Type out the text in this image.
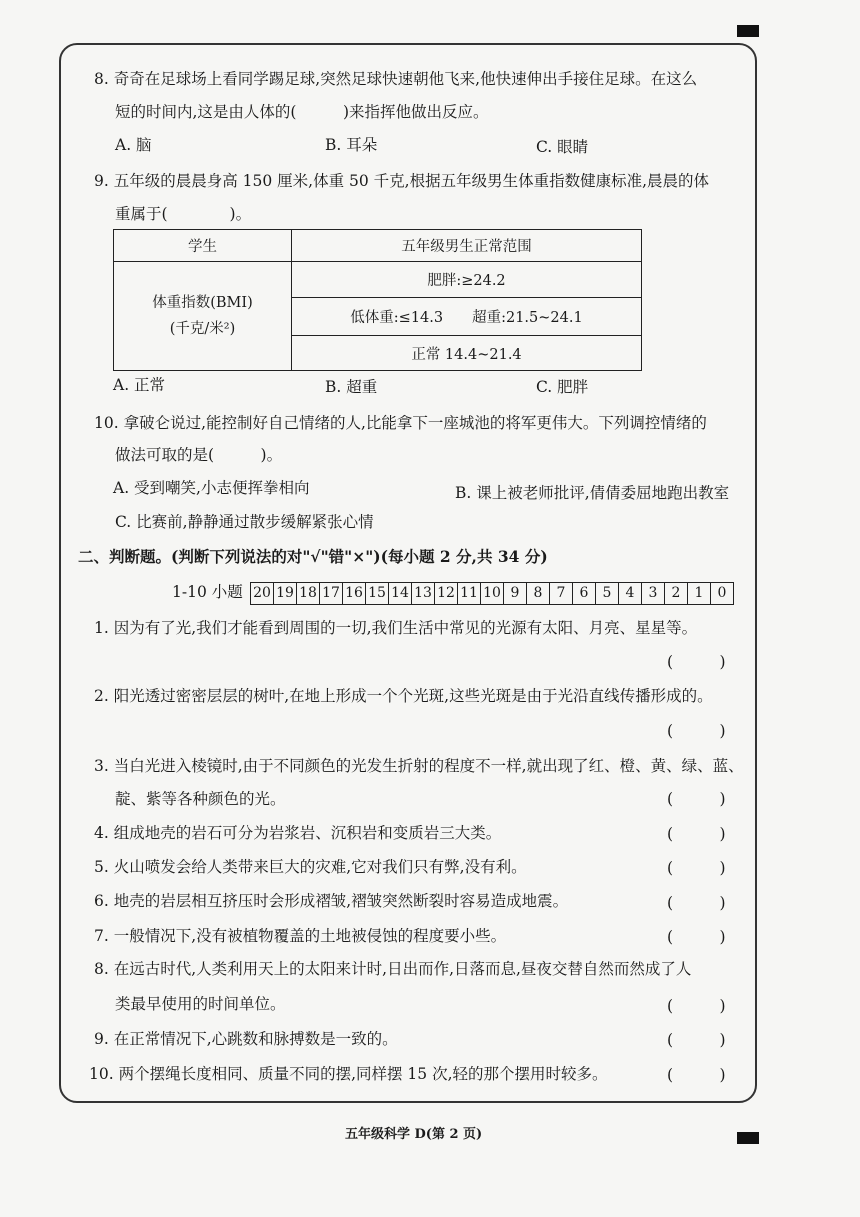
8. 奇奇在足球场上看同学踢足球,突然足球快速朝他飞来,他快速伸出手接住足球。在这么
短的时间内,这是由人体的(　　　)来指挥他做出反应。
A. 脑	B. 耳朵	C. 眼睛
9. 五年级的晨晨身高 150 厘米,体重 50 千克,根据五年级男生体重指数健康标准,晨晨的体
重属于(　　　　)。
学生	五年级男生正常范围

体重指数(BMI)
(千克/米²)	肥胖:≥24.2
	低体重:≤14.3　　超重:21.5~24.1
	正常 14.4~21.4
A. 正常	B. 超重	C. 肥胖
10. 拿破仑说过,能控制好自己情绪的人,比能拿下一座城池的将军更伟大。下列调控情绪的
做法可取的是(　　　)。
A. 受到嘲笑,小志便挥拳相向	B. 课上被老师批评,倩倩委屈地跑出教室
C. 比赛前,静静通过散步缓解紧张心情
二、判断题。(判断下列说法的对"√"错"×")(每小题 2 分,共 34 分)
1-10 小题 20 19 18 17 16 15 14 13 12 11 10 9	8	7	6	5	4	3	2	1	0
1. 因为有了光,我们才能看到周围的一切,我们生活中常见的光源有太阳、月亮、星星等。
(　　　)
2. 阳光透过密密层层的树叶,在地上形成一个个光斑,这些光斑是由于光沿直线传播形成的。
(　　　)
3. 当白光进入棱镜时,由于不同颜色的光发生折射的程度不一样,就出现了红、橙、黄、绿、蓝、
靛、紫等各种颜色的光。	(　　　)
4. 组成地壳的岩石可分为岩浆岩、沉积岩和变质岩三大类。	(　　　)
5. 火山喷发会给人类带来巨大的灾难,它对我们只有弊,没有利。	(　　　)
6. 地壳的岩层相互挤压时会形成褶皱,褶皱突然断裂时容易造成地震。	(　　　)
7. 一般情况下,没有被植物覆盖的土地被侵蚀的程度要小些。	(　　　)
8. 在远古时代,人类利用天上的太阳来计时,日出而作,日落而息,昼夜交替自然而然成了人
类最早使用的时间单位。	(　　　)
9. 在正常情况下,心跳数和脉搏数是一致的。	(　　　)
10. 两个摆绳长度相同、质量不同的摆,同样摆 15 次,轻的那个摆用时较多。	(　　　)
五年级科学 D(第 2 页)
